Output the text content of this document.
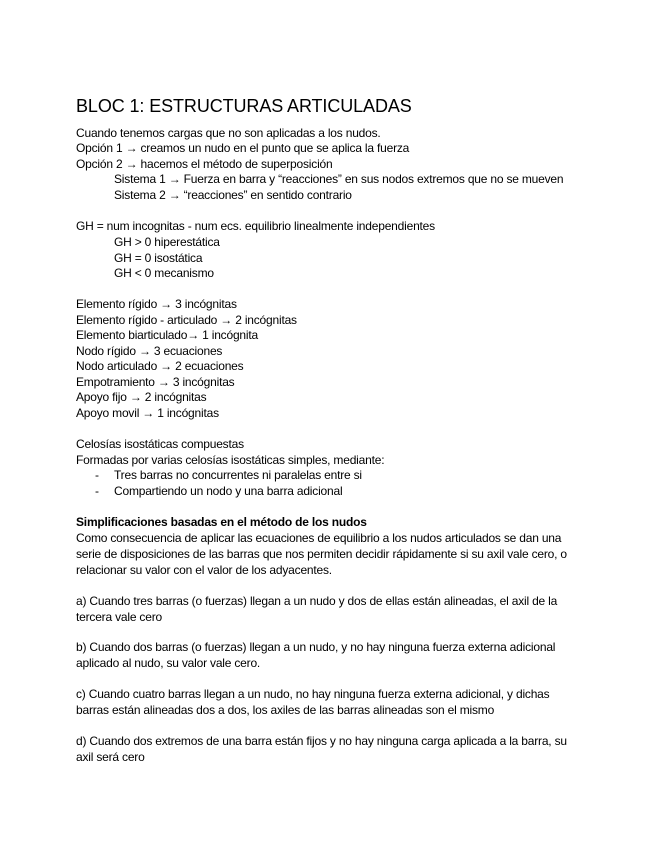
BLOC 1: ESTRUCTURAS ARTICULADAS
Cuando tenemos cargas que no son aplicadas a los nudos.
Opción 1 → creamos un nudo en el punto que se aplica la fuerza
Opción 2 → hacemos el método de superposición
Sistema 1 → Fuerza en barra y “reacciones” en sus nodos extremos que no se mueven
Sistema 2 → “reacciones” en sentido contrario
GH = num incognitas - num ecs. equilibrio linealmente independientes
GH > 0 hiperestática
GH = 0 isostática
GH < 0 mecanismo
Elemento rígido → 3 incógnitas
Elemento rígido - articulado → 2 incógnitas
Elemento biarticulado→ 1 incógnita
Nodo rígido → 3 ecuaciones
Nodo articulado → 2 ecuaciones
Empotramiento → 3 incógnitas
Apoyo fijo → 2 incógnitas
Apoyo movil → 1 incógnitas
Celosías isostáticas compuestas
Formadas por varias celosías isostáticas simples, mediante:
- Tres barras no concurrentes ni paralelas entre si
- Compartiendo un nodo y una barra adicional
Simplificaciones basadas en el método de los nudos
Como consecuencia de aplicar las ecuaciones de equilibrio a los nudos articulados se dan una serie de disposiciones de las barras que nos permiten decidir rápidamente si su axil vale cero, o relacionar su valor con el valor de los adyacentes.
a) Cuando tres barras (o fuerzas) llegan a un nudo y dos de ellas están alineadas, el axil de la tercera vale cero
b) Cuando dos barras (o fuerzas) llegan a un nudo, y no hay ninguna fuerza externa adicional aplicado al nudo, su valor vale cero.
c) Cuando cuatro barras llegan a un nudo, no hay ninguna fuerza externa adicional, y dichas barras están alineadas dos a dos, los axiles de las barras alineadas son el mismo
d) Cuando dos extremos de una barra están fijos y no hay ninguna carga aplicada a la barra, su axil será cero
